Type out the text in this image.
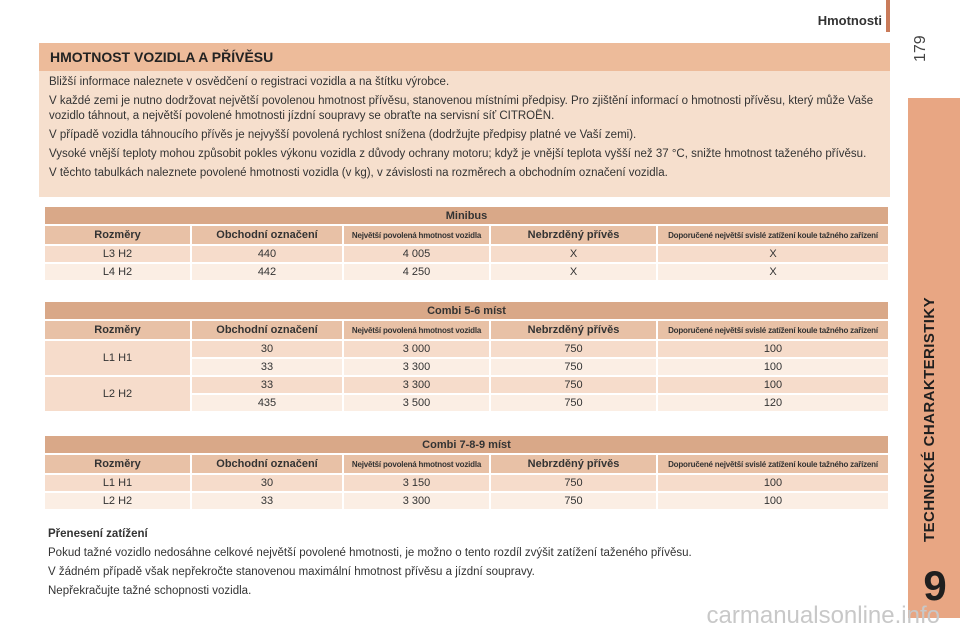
Hmotnosti
179
TECHNICKÉ CHARAKTERISTIKY
9
HMOTNOST VOZIDLA A PŘÍVĚSU

Bližší informace naleznete v osvědčení o registraci vozidla a na štítku výrobce.

V každé zemi je nutno dodržovat největší povolenou hmotnost přívěsu, stanovenou místními předpisy. Pro zjištění informací o hmotnosti přívěsu, který může Vaše vozidlo táhnout, a největší povolené hmotnosti jízdní soupravy se obraťte na servisní síť CITROËN.

V případě vozidla táhnoucího přívěs je nejvyšší povolená rychlost snížena (dodržujte předpisy platné ve Vaší zemi).

Vysoké vnější teploty mohou způsobit pokles výkonu vozidla z důvody ochrany motoru; když je vnější teplota vyšší než 37 °C, snižte hmotnost taženého přívěsu.

V těchto tabulkách naleznete povolené hmotnosti vozidla (v kg), v závislosti na rozměrech a obchodním označení vozidla.

Minibus				
Rozměry	Obchodní označení	Největší povolená hmotnost vozidla	Nebrzděný přívěs	Doporučené největší svislé zatížení koule tažného zařízení
L3 H2	440	4 005	X	X
L4 H2	442	4 250	X	X
Combi 5-6 míst				
Rozměry	Obchodní označení	Největší povolená hmotnost vozidla	Nebrzděný přívěs	Doporučené největší svislé zatížení koule tažného zařízení
L1 H1	30	3 000	750	100
	33	3 300	750	100
L2 H2	33	3 300	750	100
	435	3 500	750	120
Combi 7-8-9 míst				
Rozměry	Obchodní označení	Největší povolená hmotnost vozidla	Nebrzděný přívěs	Doporučené největší svislé zatížení koule tažného zařízení
L1 H1	30	3 150	750	100
L2 H2	33	3 300	750	100

Přenesení zatížení

Pokud tažné vozidlo nedosáhne celkové největší povolené hmotnosti, je možno o tento rozdíl zvýšit zatížení taženého přívěsu.

V žádném případě však nepřekročte stanovenou maximální hmotnost přívěsu a jízdní soupravy.

Nepřekračujte tažné schopnosti vozidla.

carmanualsonline.info
